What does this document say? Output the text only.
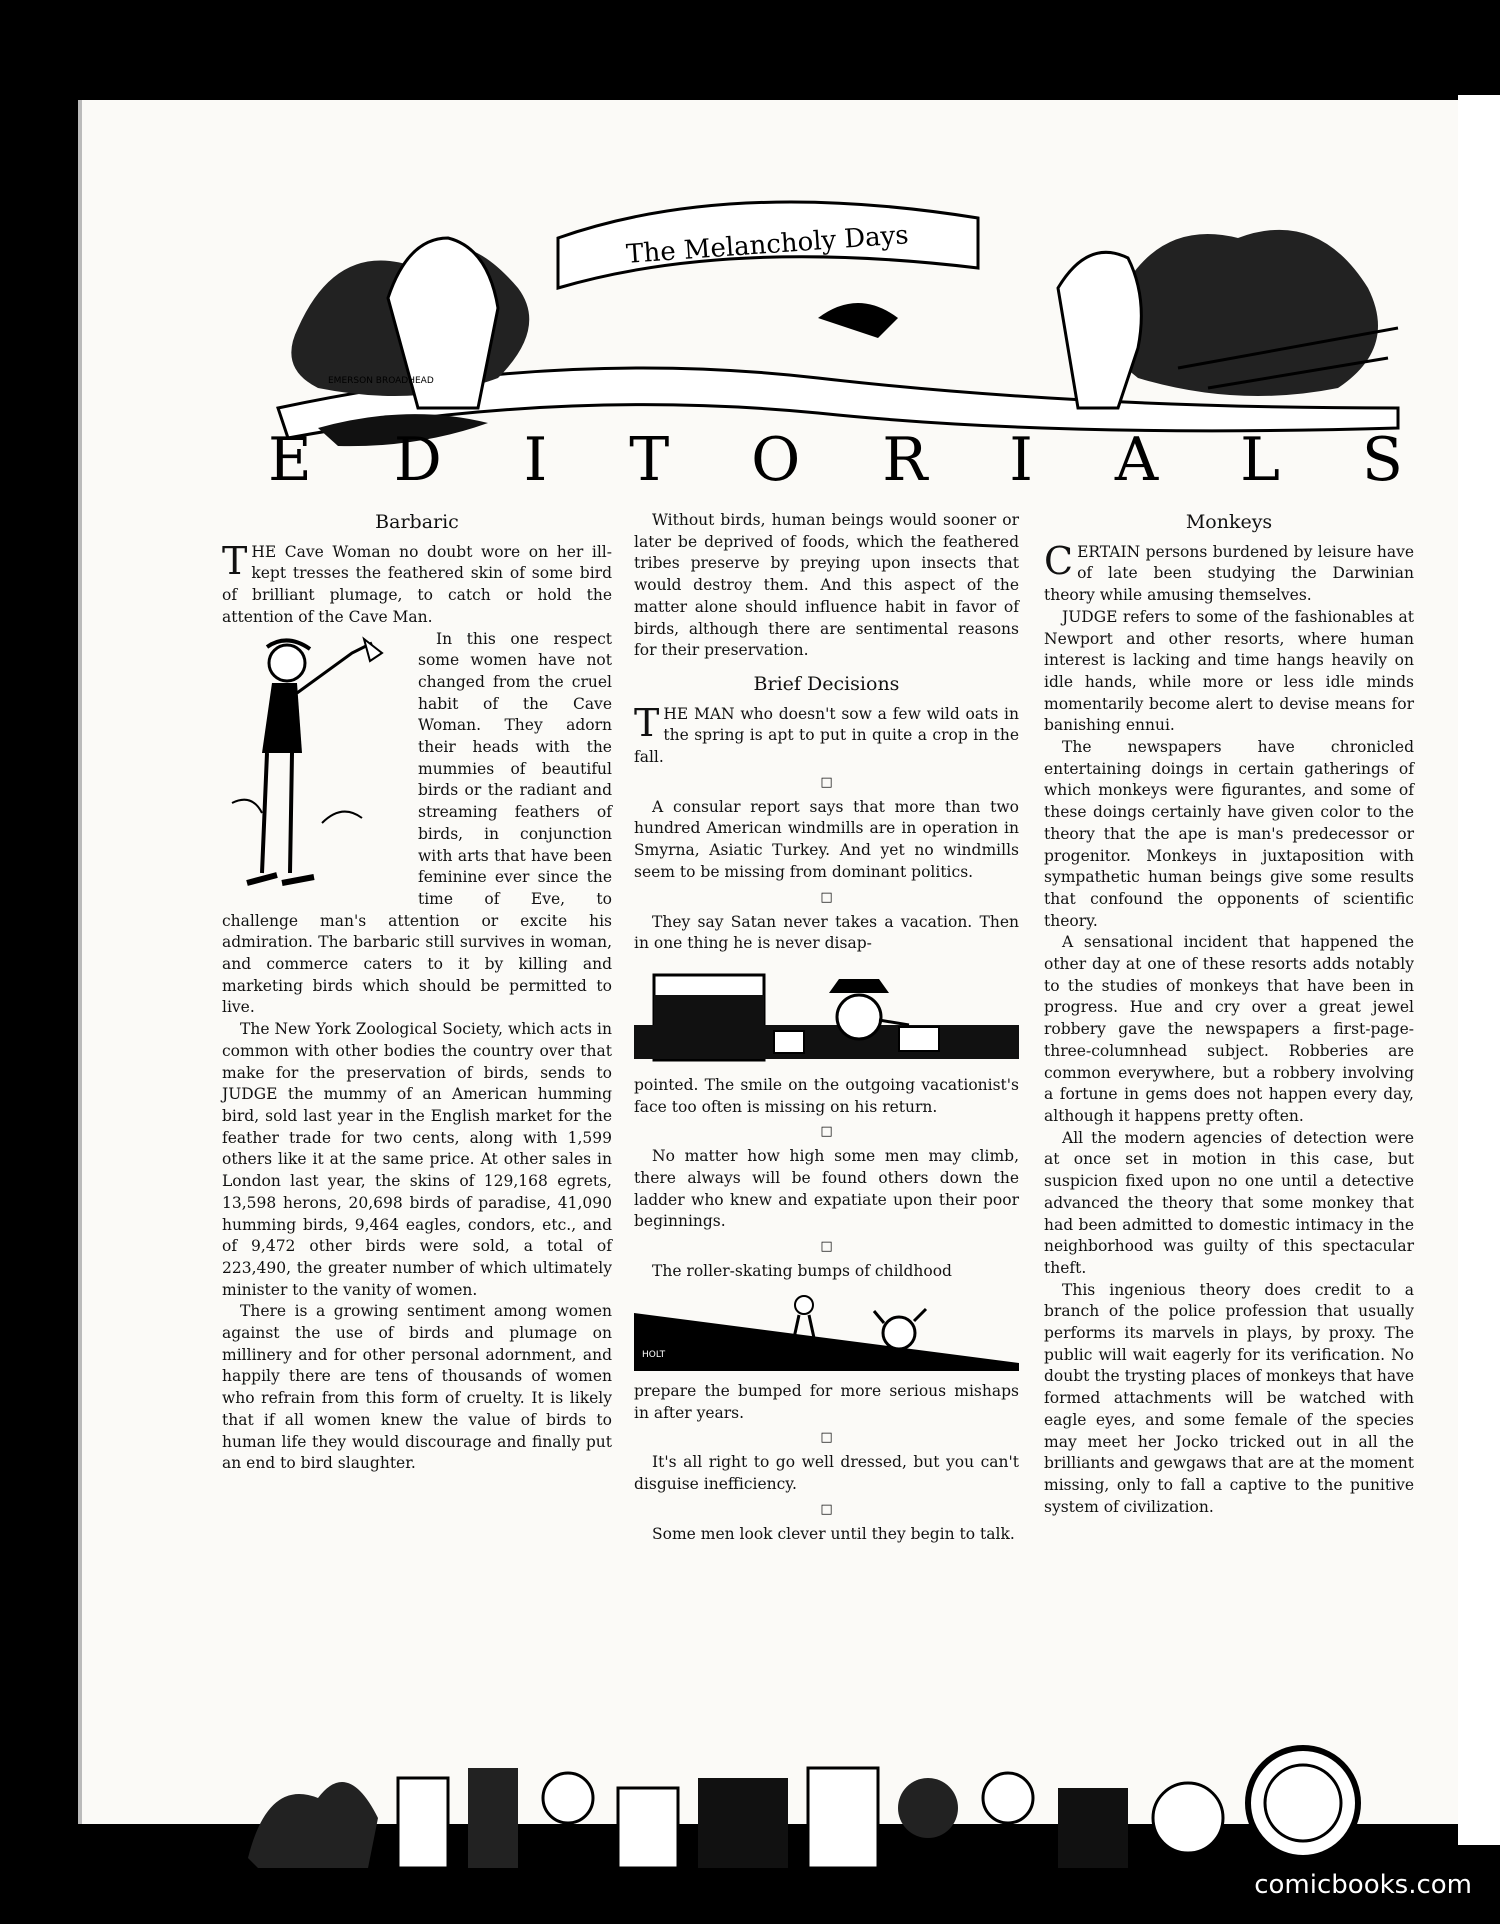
The Melancholy Days
EMERSON BROADHEAD
E D I T O R I A L S
Barbaric

THE Cave Woman no doubt wore on her ill-kept tresses the feathered skin of some bird of brilliant plumage, to catch or hold the attention of the Cave Man.

In this one respect some women have not changed from the cruel habit of the Cave Woman. They adorn their heads with the mummies of beautiful birds or the radiant and streaming feathers of birds, in conjunction with arts that have been feminine ever since the time of Eve, to challenge man's attention or excite his admiration. The barbaric still survives in woman, and commerce caters to it by killing and marketing birds which should be permitted to live.

The New York Zoological Society, which acts in common with other bodies the country over that make for the preservation of birds, sends to JUDGE the mummy of an American humming bird, sold last year in the English market for the feather trade for two cents, along with 1,599 others like it at the same price. At other sales in London last year, the skins of 129,168 egrets, 13,598 herons, 20,698 birds of paradise, 41,090 humming birds, 9,464 eagles, condors, etc., and of 9,472 other birds were sold, a total of 223,490, the greater number of which ultimately minister to the vanity of women.

There is a growing sentiment among women against the use of birds and plumage on millinery and for other personal adornment, and happily there are tens of thousands of women who refrain from this form of cruelty. It is likely that if all women knew the value of birds to human life they would discourage and finally put an end to bird slaughter.

Without birds, human beings would sooner or later be deprived of foods, which the feathered tribes preserve by preying upon insects that would destroy them. And this aspect of the matter alone should influence habit in favor of birds, although there are sentimental reasons for their preservation.

Brief Decisions

THE MAN who doesn't sow a few wild oats in the spring is apt to put in quite a crop in the fall.

□

A consular report says that more than two hundred American windmills are in operation in Smyrna, Asiatic Turkey. And yet no windmills seem to be missing from dominant politics.

□

They say Satan never takes a vacation. Then in one thing he is never disap-

pointed. The smile on the outgoing vacationist's face too often is missing on his return.

□

No matter how high some men may climb, there always will be found others down the ladder who knew and expatiate upon their poor beginnings.

□

The roller-skating bumps of childhood

HOLT

prepare the bumped for more serious mishaps in after years.

□

It's all right to go well dressed, but you can't disguise inefficiency.

□

Some men look clever until they begin to talk.

Monkeys

CERTAIN persons burdened by leisure have of late been studying the Darwinian theory while amusing themselves.

JUDGE refers to some of the fashionables at Newport and other resorts, where human interest is lacking and time hangs heavily on idle hands, while more or less idle minds momentarily become alert to devise means for banishing ennui.

The newspapers have chronicled entertaining doings in certain gatherings of which monkeys were figurantes, and some of these doings certainly have given color to the theory that the ape is man's predecessor or progenitor. Monkeys in juxtaposition with sympathetic human beings give some results that confound the opponents of scientific theory.

A sensational incident that happened the other day at one of these resorts adds notably to the studies of monkeys that have been in progress. Hue and cry over a great jewel robbery gave the newspapers a first-page-three-columnhead subject. Robberies are common everywhere, but a robbery involving a fortune in gems does not happen every day, although it happens pretty often.

All the modern agencies of detection were at once set in motion in this case, but suspicion fixed upon no one until a detective advanced the theory that some monkey that had been admitted to domestic intimacy in the neighborhood was guilty of this spectacular theft.

This ingenious theory does credit to a branch of the police profession that usually performs its marvels in plays, by proxy. The public will wait eagerly for its verification. No doubt the trysting places of monkeys that have formed attachments will be watched with eagle eyes, and some female of the species may meet her Jocko tricked out in all the brilliants and gewgaws that are at the moment missing, only to fall a captive to the punitive system of civilization.

comicbooks.com
